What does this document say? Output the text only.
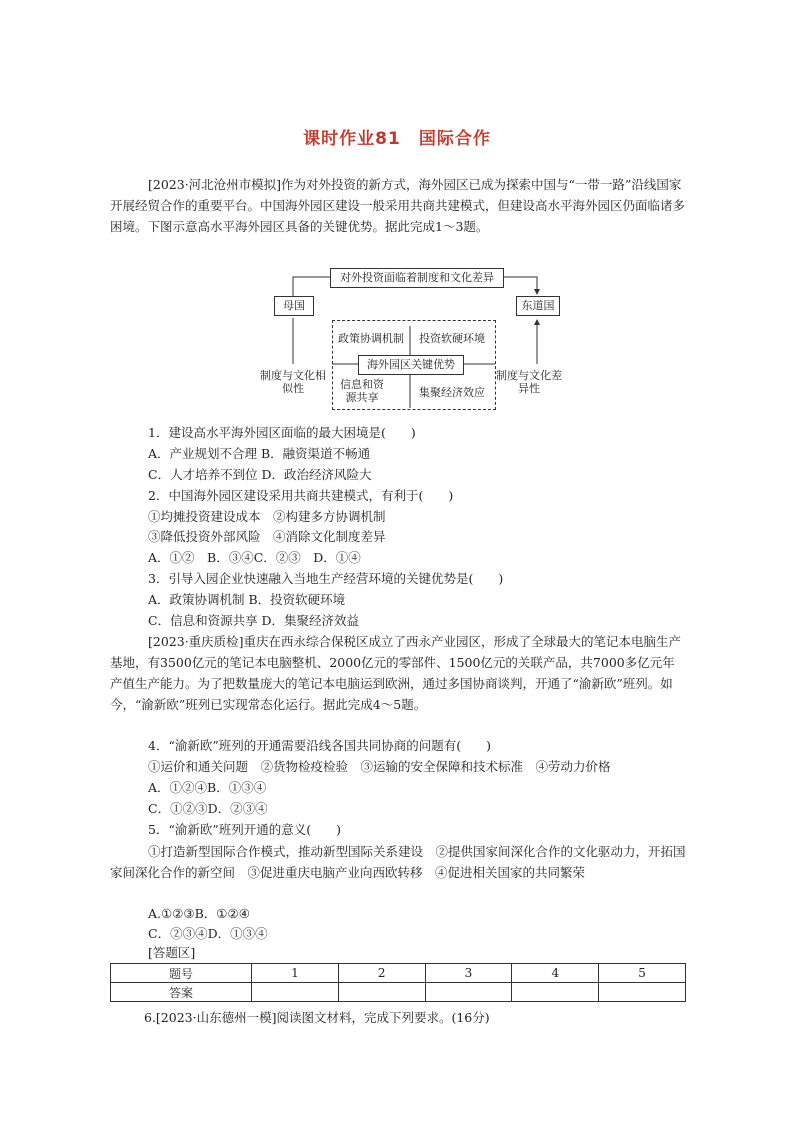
课时作业81　国际合作
[2023·河北沧州市模拟]作为对外投资的新方式，海外园区已成为探索中国与“一带一路”沿线国家开展经贸合作的重要平台。中国海外园区建设一般采用共商共建模式，但建设高水平海外园区仍面临诸多困境。下图示意高水平海外园区具备的关键优势。据此完成1～3题。
对外投资面临着制度和文化差异
母国	东道国
政策协调机制	投资软硬环境
海外园区关键优势
信息和资源共享	集聚经济效应
制度与文化相似性
制度与文化差异性
1．建设高水平海外园区面临的最大困境是(　　)
A．产业规划不合理 B．融资渠道不畅通
C．人才培养不到位 D．政治经济风险大
2．中国海外园区建设采用共商共建模式，有利于(　　)
①均摊投资建设成本　②构建多方协调机制
③降低投资外部风险　④消除文化制度差异
A．①②　B．③④C．②③　D．①④
3．引导入园企业快速融入当地生产经营环境的关键优势是(　　)
A．政策协调机制 B．投资软硬环境
C．信息和资源共享 D．集聚经济效益
[2023·重庆质检]重庆在西永综合保税区成立了西永产业园区，形成了全球最大的笔记本电脑生产基地，有3500亿元的笔记本电脑整机、2000亿元的零部件、1500亿元的关联产品，共7000多亿元年产值生产能力。为了把数量庞大的笔记本电脑运到欧洲，通过多国协商谈判，开通了“渝新欧”班列。如今，“渝新欧”班列已实现常态化运行。据此完成4～5题。
4．“渝新欧”班列的开通需要沿线各国共同协商的问题有(　　)
①运价和通关问题　②货物检疫检验　③运输的安全保障和技术标准　④劳动力价格
A．①②④B．①③④
C．①②③D．②③④
5．“渝新欧”班列开通的意义(　　)
①打造新型国际合作模式，推动新型国际关系建设　②提供国家间深化合作的文化驱动力，开拓国家间深化合作的新空间　③促进重庆电脑产业向西欧转移　④促进相关国家的共同繁荣
A.①②③B．①②④
C．②③④D．①③④
[答题区]
题号	1	2	3	4	5
答案					
6.[2023·山东德州一模]阅读图文材料，完成下列要求。(16分)
